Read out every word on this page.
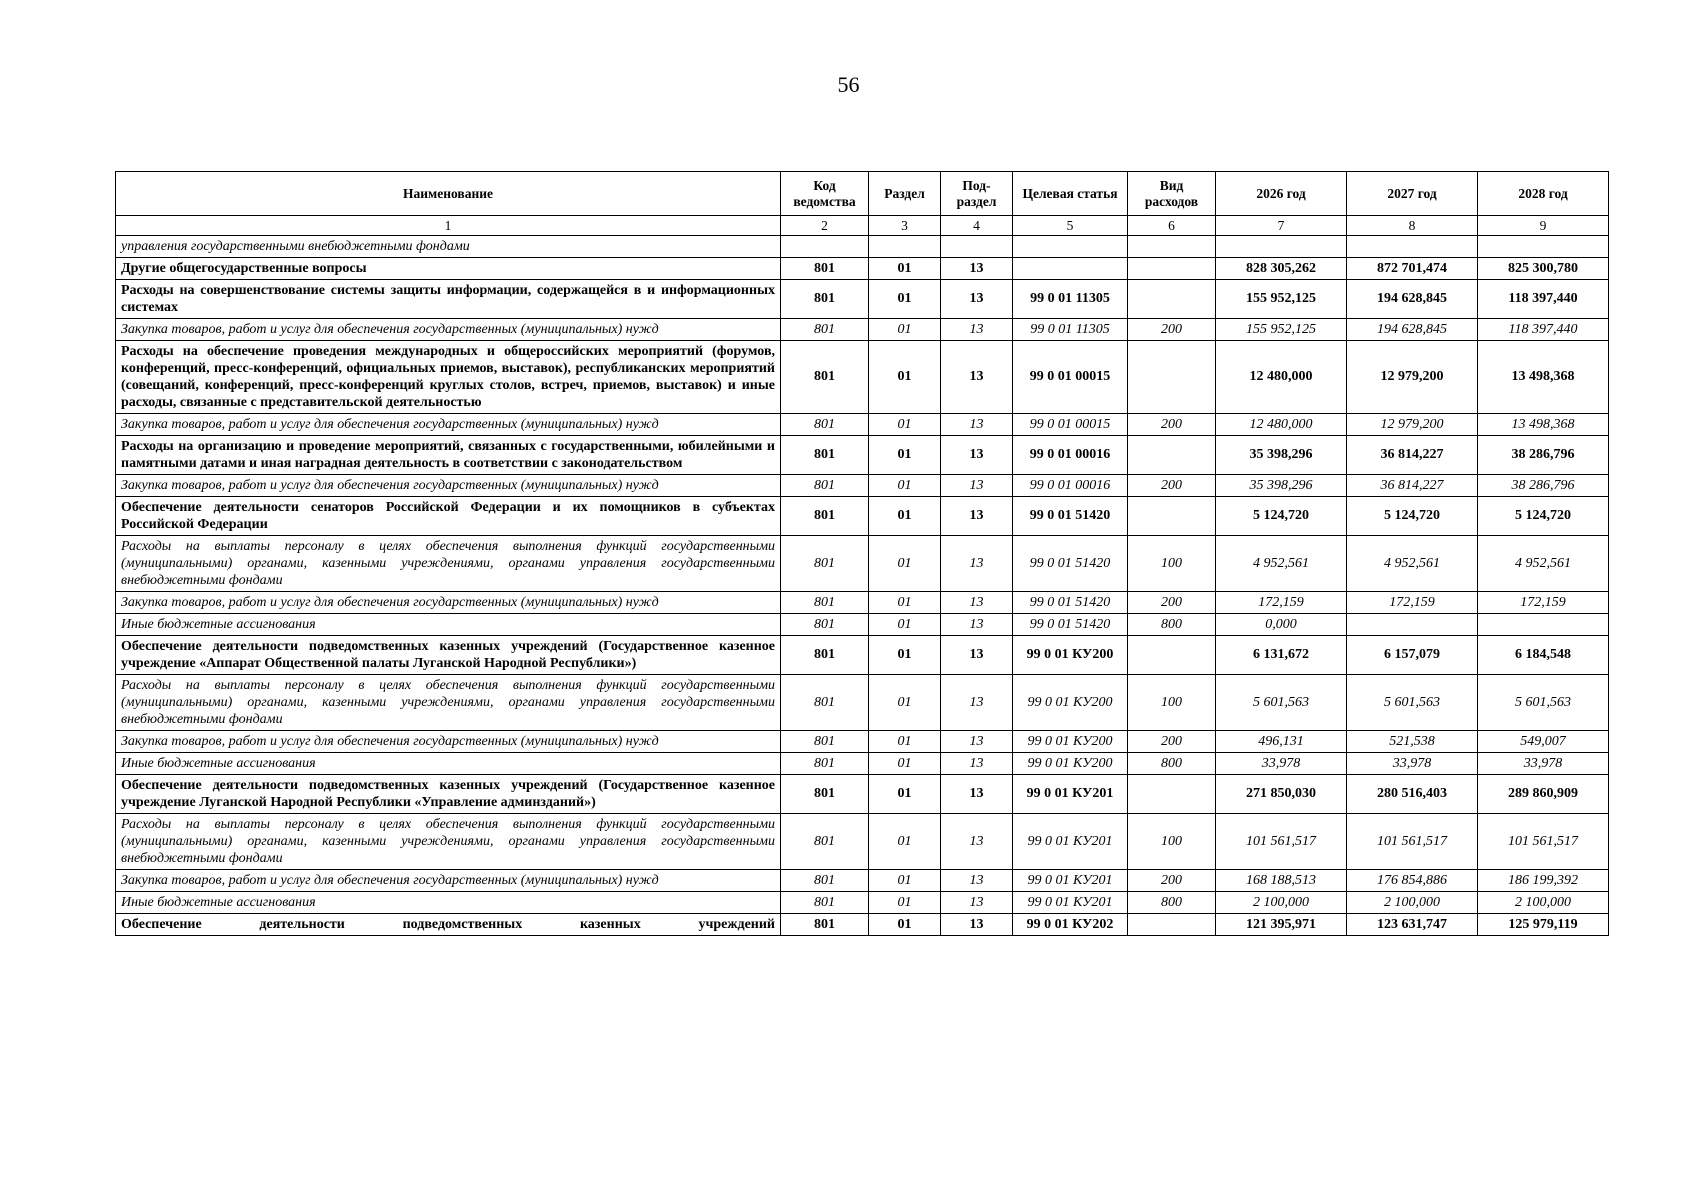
56
Наименование	Код ведомства	Раздел	Под-раздел	Целевая статья	Вид расходов	2026 год	2027 год	2028 год
1	2	3	4	5	6	7	8	9
управления государственными внебюджетными фондами								
Другие общегосударственные вопросы	801	01	13			828 305,262	872 701,474	825 300,780
Расходы на совершенствование системы защиты информации, содержащейся в и информационных системах	801	01	13	99 0 01 11305		155 952,125	194 628,845	118 397,440
Закупка товаров, работ и услуг для обеспечения государственных (муниципальных) нужд	801	01	13	99 0 01 11305	200	155 952,125	194 628,845	118 397,440
Расходы на обеспечение проведения международных и общероссийских мероприятий (форумов, конференций, пресс-конференций, официальных приемов, выставок), республиканских мероприятий (совещаний, конференций, пресс-конференций круглых столов, встреч, приемов, выставок) и иные расходы, связанные с представительской деятельностью	801	01	13	99 0 01 00015		12 480,000	12 979,200	13 498,368
Закупка товаров, работ и услуг для обеспечения государственных (муниципальных) нужд	801	01	13	99 0 01 00015	200	12 480,000	12 979,200	13 498,368
Расходы на организацию и проведение мероприятий, связанных с государственными, юбилейными и памятными датами и иная наградная деятельность в соответствии с законодательством	801	01	13	99 0 01 00016		35 398,296	36 814,227	38 286,796
Закупка товаров, работ и услуг для обеспечения государственных (муниципальных) нужд	801	01	13	99 0 01 00016	200	35 398,296	36 814,227	38 286,796
Обеспечение деятельности сенаторов Российской Федерации и их помощников в субъектах Российской Федерации	801	01	13	99 0 01 51420		5 124,720	5 124,720	5 124,720
Расходы на выплаты персоналу в целях обеспечения выполнения функций государственными (муниципальными) органами, казенными учреждениями, органами управления государственными внебюджетными фондами	801	01	13	99 0 01 51420	100	4 952,561	4 952,561	4 952,561
Закупка товаров, работ и услуг для обеспечения государственных (муниципальных) нужд	801	01	13	99 0 01 51420	200	172,159	172,159	172,159
Иные бюджетные ассигнования	801	01	13	99 0 01 51420	800	0,000		
Обеспечение деятельности подведомственных казенных учреждений (Государственное казенное учреждение «Аппарат Общественной палаты Луганской Народной Республики»)	801	01	13	99 0 01 КУ200		6 131,672	6 157,079	6 184,548
Расходы на выплаты персоналу в целях обеспечения выполнения функций государственными (муниципальными) органами, казенными учреждениями, органами управления государственными внебюджетными фондами	801	01	13	99 0 01 КУ200	100	5 601,563	5 601,563	5 601,563
Закупка товаров, работ и услуг для обеспечения государственных (муниципальных) нужд	801	01	13	99 0 01 КУ200	200	496,131	521,538	549,007
Иные бюджетные ассигнования	801	01	13	99 0 01 КУ200	800	33,978	33,978	33,978
Обеспечение деятельности подведомственных казенных учреждений (Государственное казенное учреждение Луганской Народной Республики «Управление админзданий»)	801	01	13	99 0 01 КУ201		271 850,030	280 516,403	289 860,909
Расходы на выплаты персоналу в целях обеспечения выполнения функций государственными (муниципальными) органами, казенными учреждениями, органами управления государственными внебюджетными фондами	801	01	13	99 0 01 КУ201	100	101 561,517	101 561,517	101 561,517
Закупка товаров, работ и услуг для обеспечения государственных (муниципальных) нужд	801	01	13	99 0 01 КУ201	200	168 188,513	176 854,886	186 199,392
Иные бюджетные ассигнования	801	01	13	99 0 01 КУ201	800	2 100,000	2 100,000	2 100,000
Обеспечение деятельности подведомственных казенных учреждений	801	01	13	99 0 01 КУ202		121 395,971	123 631,747	125 979,119
